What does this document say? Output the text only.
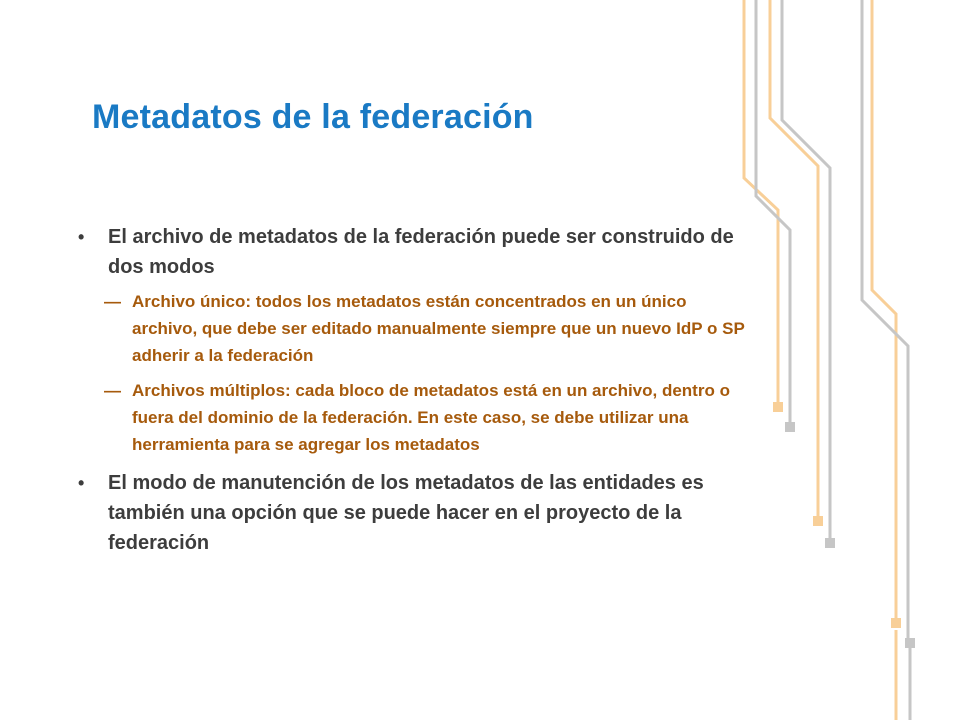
Metadatos de la federación
• El archivo de metadatos de la federación puede ser construido de dos modos
— Archivo único: todos los metadatos están concentrados en un único archivo, que debe ser editado manualmente siempre que un nuevo IdP o SP adherir a la federación
— Archivos múltiplos: cada bloco de metadatos está en un archivo, dentro o fuera del dominio de la federación. En este caso, se debe utilizar una herramienta para se agregar los metadatos
• El modo de manutención de los metadatos de las entidades es también una opción que se puede hacer en el proyecto de la federación
